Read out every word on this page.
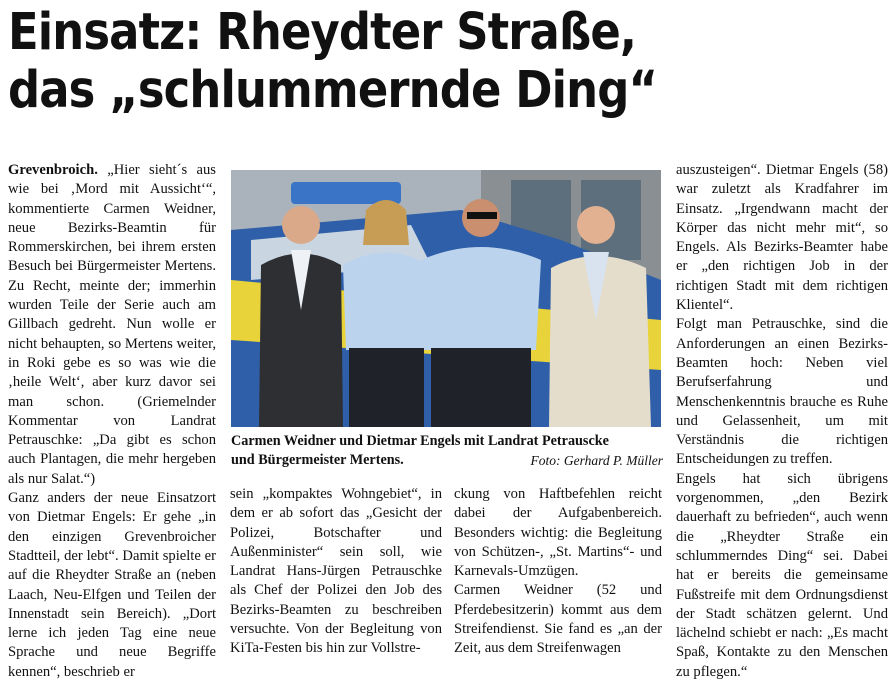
Einsatz: Rheydter Straße,
das „schlummernde Ding“

Grevenbroich. „Hier sieht´s aus wie bei ‚Mord mit Aussicht‘“, kommentierte Carmen Weidner, neue Bezirks-Beamtin für Rommerskirchen, bei ihrem ersten Besuch bei Bürgermeister Mertens. Zu Recht, meinte der; immerhin wurden Teile der Serie auch am Gillbach gedreht. Nun wolle er nicht behaupten, so Mertens weiter, in Roki gebe es so was wie die ‚heile Welt‘, aber kurz davor sei man schon. (Griemelnder Kommentar von Landrat Petrauschke: „Da gibt es schon auch Plantagen, die mehr hergeben als nur Salat.“)

Ganz anders der neue Einsatzort von Dietmar Engels: Er gehe „in den einzigen Grevenbroicher Stadtteil, der lebt“. Damit spielte er auf die Rheydter Straße an (neben Laach, Neu-Elfgen und Teilen der Innenstadt sein Bereich). „Dort lerne ich jeden Tag eine neue Sprache und neue Begriffe kennen“, beschrieb er

Carmen Weidner und Dietmar Engels mit Landrat Petrauscke
und Bürgermeister Mertens.	Foto: Gerhard P. Müller

sein „kompaktes Wohngebiet“, in dem er ab sofort das „Gesicht der Polizei, Botschafter und Außenminister“ sein soll, wie Landrat Hans-Jürgen Petrauschke als Chef der Polizei den Job des Bezirks-Beamten zu beschreiben versuchte. Von der Begleitung von KiTa-Festen bis hin zur Vollstre-

ckung von Haftbefehlen reicht dabei der Aufgabenbereich. Besonders wichtig: die Begleitung von Schützen-, „St. Martins“- und Karnevals-Umzügen.

Carmen Weidner (52 und Pferdebesitzerin) kommt aus dem Streifendienst. Sie fand es „an der Zeit, aus dem Streifenwagen

auszusteigen“. Dietmar Engels (58) war zuletzt als Kradfahrer im Einsatz. „Irgendwann macht der Körper das nicht mehr mit“, so Engels. Als Bezirks-Beamter habe er „den richtigen Job in der richtigen Stadt mit dem richtigen Klientel“.

Folgt man Petrauschke, sind die Anforderungen an einen Bezirks-Beamten hoch: Neben viel Berufserfahrung und Menschenkenntnis brauche es Ruhe und Gelassenheit, um mit Verständnis die richtigen Entscheidungen zu treffen.

Engels hat sich übrigens vorgenommen, „den Bezirk dauerhaft zu befrieden“, auch wenn die „Rheydter Straße ein schlummerndes Ding“ sei. Dabei hat er bereits die gemeinsame Fußstreife mit dem Ordnungsdienst der Stadt schätzen gelernt. Und lächelnd schiebt er nach: „Es macht Spaß, Kontakte zu den Menschen zu pflegen.“
